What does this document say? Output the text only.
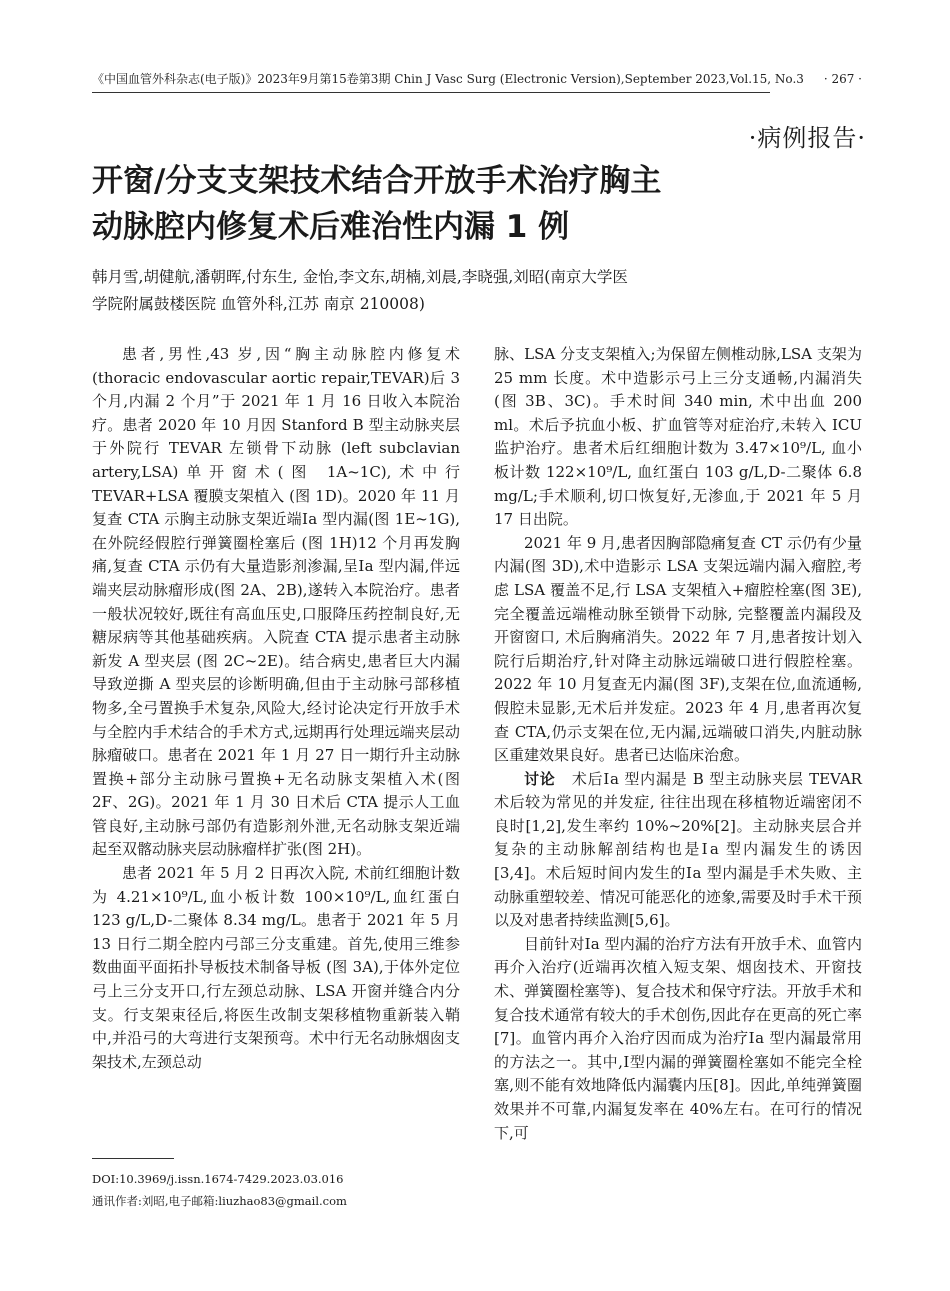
《中国血管外科杂志(电子版)》2023年9月第15卷第3期 Chin J Vasc Surg (Electronic Version),September 2023,Vol.15, No.3 · 267 ·
·病例报告·
开窗/分支支架技术结合开放手术治疗胸主
动脉腔内修复术后难治性内漏 1 例
韩月雪,胡健航,潘朝晖,付东生, 金怡,李文东,胡楠,刘晨,李晓强,刘昭(南京大学医
学院附属鼓楼医院 血管外科,江苏 南京 210008)

患者,男性,43 岁,因“胸主动脉腔内修复术(thoracic endovascular aortic repair,TEVAR)后 3 个月,内漏 2 个月”于 2021 年 1 月 16 日收入本院治疗。患者 2020 年 10 月因 Stanford B 型主动脉夹层于外院行 TEVAR 左锁骨下动脉 (left subclavian artery,LSA)单开窗术(图 1A~1C),术中行 TEVAR+LSA 覆膜支架植入 (图 1D)。2020 年 11 月复查 CTA 示胸主动脉支架近端Ⅰa 型内漏(图 1E~1G),在外院经假腔行弹簧圈栓塞后 (图 1H)12 个月再发胸痛,复查 CTA 示仍有大量造影剂渗漏,呈Ⅰa 型内漏,伴远端夹层动脉瘤形成(图 2A、2B),遂转入本院治疗。患者一般状况较好,既往有高血压史,口服降压药控制良好,无糖尿病等其他基础疾病。入院查 CTA 提示患者主动脉新发 A 型夹层 (图 2C~2E)。结合病史,患者巨大内漏导致逆撕 A 型夹层的诊断明确,但由于主动脉弓部移植物多,全弓置换手术复杂,风险大,经讨论决定行开放手术与全腔内手术结合的手术方式,远期再行处理远端夹层动脉瘤破口。患者在 2021 年 1 月 27 日一期行升主动脉置换+部分主动脉弓置换+无名动脉支架植入术(图 2F、2G)。2021 年 1 月 30 日术后 CTA 提示人工血管良好,主动脉弓部仍有造影剂外泄,无名动脉支架近端起至双髂动脉夹层动脉瘤样扩张(图 2H)。

患者 2021 年 5 月 2 日再次入院, 术前红细胞计数为 4.21×10⁹/L,血小板计数 100×10⁹/L,血红蛋白 123 g/L,D-二聚体 8.34 mg/L。患者于 2021 年 5 月 13 日行二期全腔内弓部三分支重建。首先,使用三维参数曲面平面拓扑导板技术制备导板 (图 3A),于体外定位弓上三分支开口,行左颈总动脉、LSA 开窗并缝合内分支。行支架束径后,将医生改制支架移植物重新装入鞘中,并沿弓的大弯进行支架预弯。术中行无名动脉烟囱支架技术,左颈总动

脉、LSA 分支支架植入;为保留左侧椎动脉,LSA 支架为 25 mm 长度。术中造影示弓上三分支通畅,内漏消失 (图 3B、3C)。手术时间 340 min, 术中出血 200 ml。术后予抗血小板、扩血管等对症治疗,未转入 ICU 监护治疗。患者术后红细胞计数为 3.47×10⁹/L, 血小板计数 122×10⁹/L, 血红蛋白 103 g/L,D-二聚体 6.8 mg/L;手术顺利,切口恢复好,无渗血,于 2021 年 5 月 17 日出院。

2021 年 9 月,患者因胸部隐痛复查 CT 示仍有少量内漏(图 3D),术中造影示 LSA 支架远端内漏入瘤腔,考虑 LSA 覆盖不足,行 LSA 支架植入+瘤腔栓塞(图 3E),完全覆盖远端椎动脉至锁骨下动脉, 完整覆盖内漏段及开窗窗口, 术后胸痛消失。2022 年 7 月,患者按计划入院行后期治疗,针对降主动脉远端破口进行假腔栓塞。2022 年 10 月复查无内漏(图 3F),支架在位,血流通畅,假腔未显影,无术后并发症。2023 年 4 月,患者再次复查 CTA,仍示支架在位,无内漏,远端破口消失,内脏动脉区重建效果良好。患者已达临床治愈。

讨论 术后Ⅰa 型内漏是 B 型主动脉夹层 TEVAR 术后较为常见的并发症, 往往出现在移植物近端密闭不良时[1,2],发生率约 10%~20%[2]。主动脉夹层合并复杂的主动脉解剖结构也是Ⅰa 型内漏发生的诱因[3,4]。术后短时间内发生的Ⅰa 型内漏是手术失败、主动脉重塑较差、情况可能恶化的迹象,需要及时手术干预以及对患者持续监测[5,6]。

目前针对Ⅰa 型内漏的治疗方法有开放手术、血管内再介入治疗(近端再次植入短支架、烟囱技术、开窗技术、弹簧圈栓塞等)、复合技术和保守疗法。开放手术和复合技术通常有较大的手术创伤,因此存在更高的死亡率[7]。血管内再介入治疗因而成为治疗Ⅰa 型内漏最常用的方法之一。其中,Ⅰ型内漏的弹簧圈栓塞如不能完全栓塞,则不能有效地降低内漏囊内压[8]。因此,单纯弹簧圈效果并不可靠,内漏复发率在 40%左右。在可行的情况下,可

DOI:10.3969/j.issn.1674-7429.2023.03.016
通讯作者:刘昭,电子邮箱:liuzhao83@gmail.com
